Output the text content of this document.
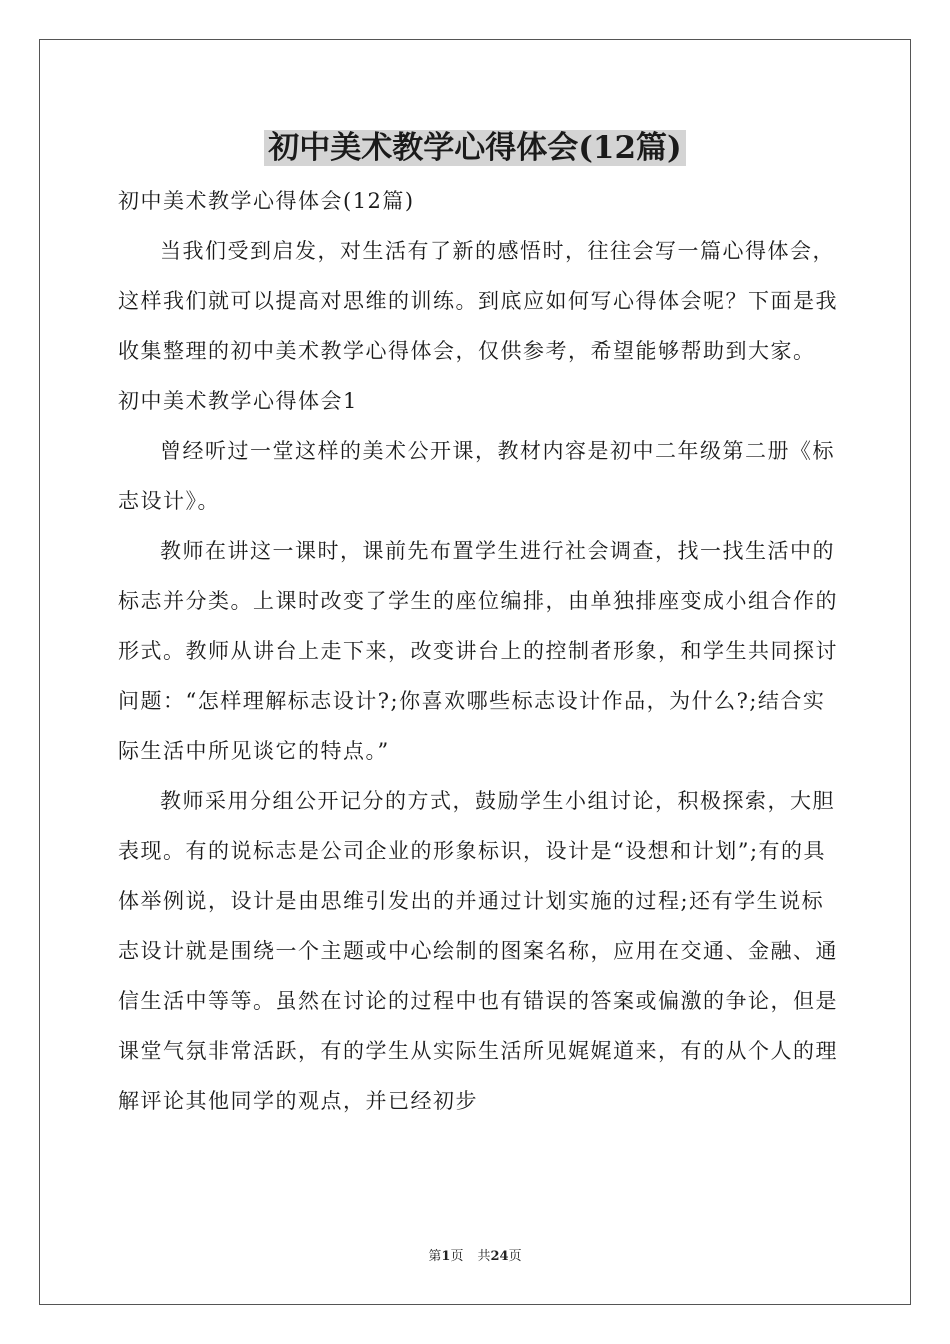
初中美术教学心得体会(12篇)

初中美术教学心得体会(12篇)

当我们受到启发，对生活有了新的感悟时，往往会写一篇心得体会，这样我们就可以提高对思维的训练。到底应如何写心得体会呢？下面是我收集整理的初中美术教学心得体会，仅供参考，希望能够帮助到大家。

初中美术教学心得体会1

曾经听过一堂这样的美术公开课，教材内容是初中二年级第二册《标志设计》。

教师在讲这一课时，课前先布置学生进行社会调查，找一找生活中的标志并分类。上课时改变了学生的座位编排，由单独排座变成小组合作的形式。教师从讲台上走下来，改变讲台上的控制者形象，和学生共同探讨问题：“怎样理解标志设计?;你喜欢哪些标志设计作品，为什么?;结合实际生活中所见谈它的特点。”

教师采用分组公开记分的方式，鼓励学生小组讨论，积极探索，大胆表现。有的说标志是公司企业的形象标识，设计是“设想和计划”;有的具体举例说，设计是由思维引发出的并通过计划实施的过程;还有学生说标志设计就是围绕一个主题或中心绘制的图案名称，应用在交通、金融、通信生活中等等。虽然在讨论的过程中也有错误的答案或偏激的争论，但是课堂气氛非常活跃，有的学生从实际生活所见娓娓道来，有的从个人的理解评论其他同学的观点，并已经初步

第1页 共24页
